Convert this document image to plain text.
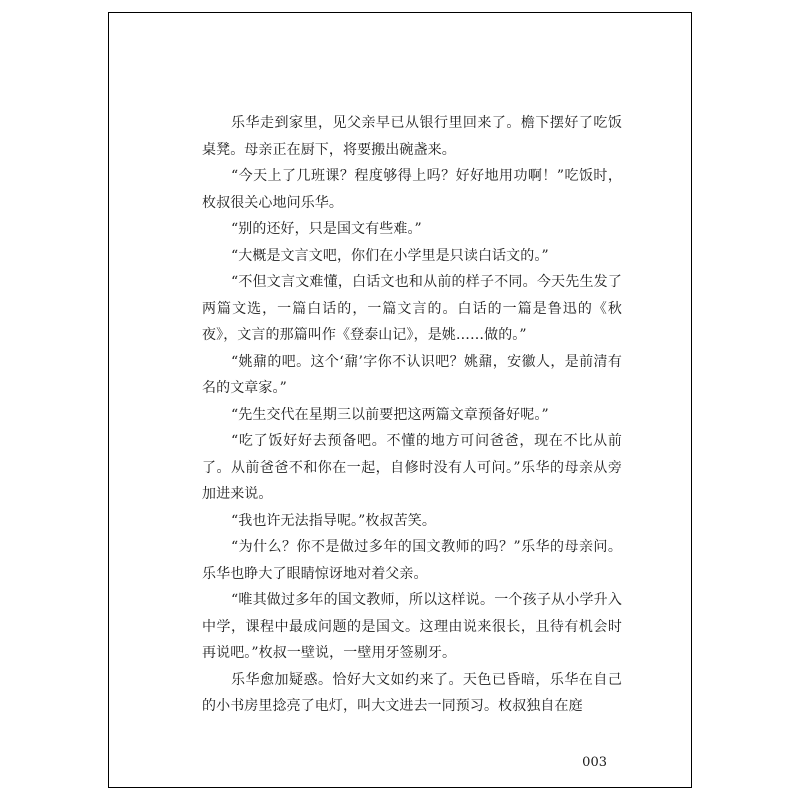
乐华走到家里，见父亲早已从银行里回来了。檐下摆好了吃饭桌凳。母亲正在厨下，将要搬出碗盏来。

“今天上了几班课？程度够得上吗？好好地用功啊！”吃饭时，枚叔很关心地问乐华。

“别的还好，只是国文有些难。”

“大概是文言文吧，你们在小学里是只读白话文的。”

“不但文言文难懂，白话文也和从前的样子不同。今天先生发了两篇文选，一篇白话的，一篇文言的。白话的一篇是鲁迅的《秋夜》，文言的那篇叫作《登泰山记》，是姚……做的。”

“姚鼐的吧。这个‘鼐’字你不认识吧？姚鼐，安徽人，是前清有名的文章家。”

“先生交代在星期三以前要把这两篇文章预备好呢。”

“吃了饭好好去预备吧。不懂的地方可问爸爸，现在不比从前了。从前爸爸不和你在一起，自修时没有人可问。”乐华的母亲从旁加进来说。

“我也许无法指导呢。”枚叔苦笑。

“为什么？你不是做过多年的国文教师的吗？”乐华的母亲问。乐华也睁大了眼睛惊讶地对着父亲。

“唯其做过多年的国文教师，所以这样说。一个孩子从小学升入中学，课程中最成问题的是国文。这理由说来很长，且待有机会时再说吧。”枚叔一壁说，一壁用牙签剔牙。

乐华愈加疑惑。恰好大文如约来了。天色已昏暗，乐华在自己的小书房里捻亮了电灯，叫大文进去一同预习。枚叔独自在庭

003
